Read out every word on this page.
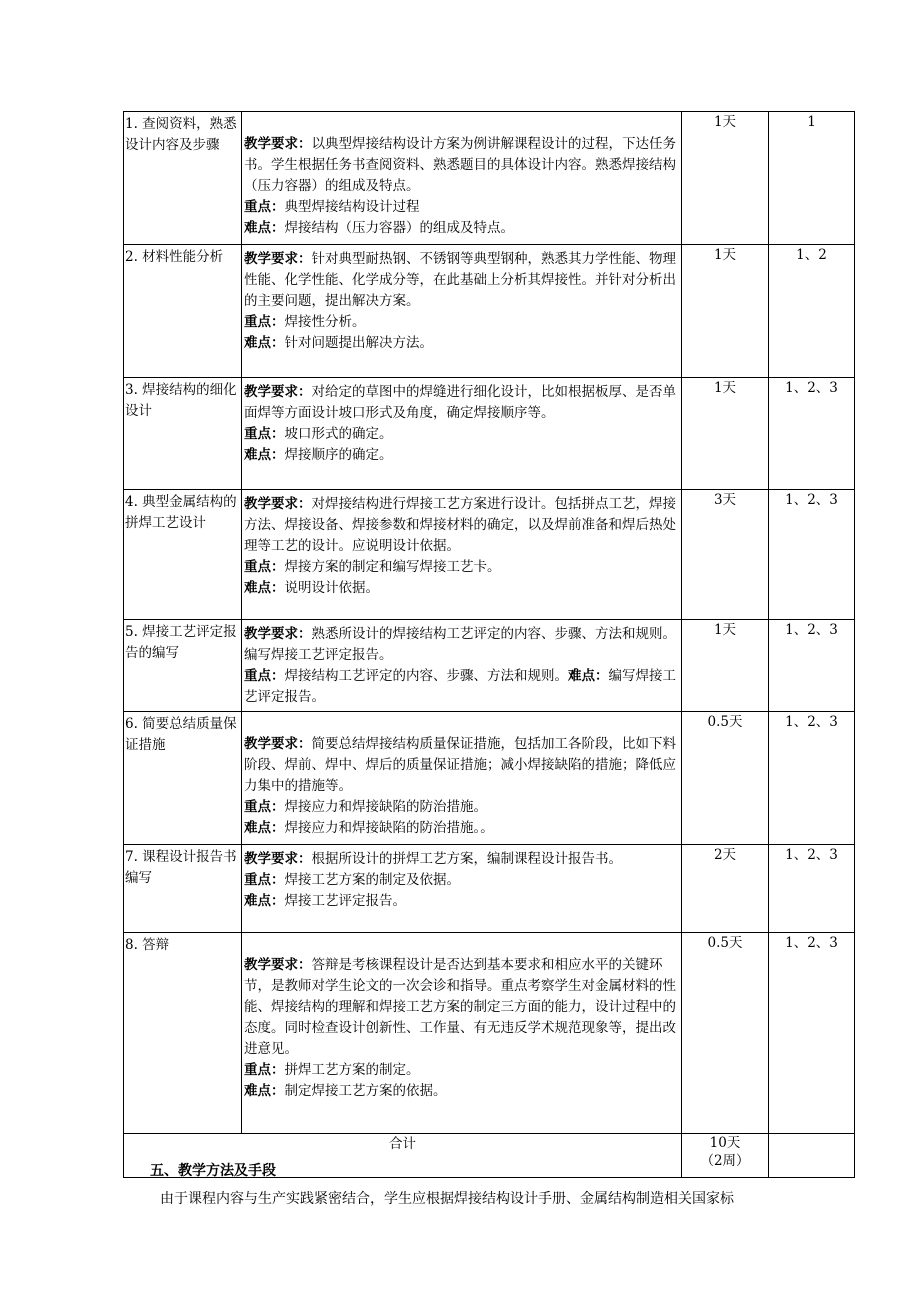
1. 查阅资料，熟悉设计内容及步骤	教学要求：以典型焊接结构设计方案为例讲解课程设计的过程，下达任务书。学生根据任务书查阅资料、熟悉题目的具体设计内容。熟悉焊接结构（压力容器）的组成及特点。

重点：典型焊接结构设计过程

难点：焊接结构（压力容器）的组成及特点。	1天	1

2. 材料性能分析	教学要求：针对典型耐热钢、不锈钢等典型钢种，熟悉其力学性能、物理性能、化学性能、化学成分等，在此基础上分析其焊接性。并针对分析出的主要问题，提出解决方案。

重点：焊接性分析。

难点：针对问题提出解决方法。	1天	1、2

3. 焊接结构的细化设计	教学要求：对给定的草图中的焊缝进行细化设计，比如根据板厚、是否单面焊等方面设计坡口形式及角度，确定焊接顺序等。

重点：坡口形式的确定。

难点：焊接顺序的确定。	1天	1、2、3

4. 典型金属结构的拼焊工艺设计	教学要求：对焊接结构进行焊接工艺方案进行设计。包括拼点工艺，焊接方法、焊接设备、焊接参数和焊接材料的确定，以及焊前准备和焊后热处理等工艺的设计。应说明设计依据。

重点：焊接方案的制定和编写焊接工艺卡。

难点：说明设计依据。	3天	1、2、3

5. 焊接工艺评定报告的编写	教学要求：熟悉所设计的焊接结构工艺评定的内容、步骤、方法和规则。编写焊接工艺评定报告。

重点：焊接结构工艺评定的内容、步骤、方法和规则。难点：编写焊接工艺评定报告。	1天	1、2、3

6. 简要总结质量保证措施	教学要求：简要总结焊接结构质量保证措施，包括加工各阶段，比如下料阶段、焊前、焊中、焊后的质量保证措施；减小焊接缺陷的措施；降低应力集中的措施等。

重点：焊接应力和焊接缺陷的防治措施。

难点：焊接应力和焊接缺陷的防治措施。。	0.5天	1、2、3

7. 课程设计报告书编写	教学要求：根据所设计的拼焊工艺方案，编制课程设计报告书。

重点：焊接工艺方案的制定及依据。

难点：焊接工艺评定报告。	2天	1、2、3

8. 答辩	教学要求：答辩是考核课程设计是否达到基本要求和相应水平的关键环节，是教师对学生论文的一次会诊和指导。重点考察学生对金属材料的性能、焊接结构的理解和焊接工艺方案的制定三方面的能力，设计过程中的态度。同时检查设计创新性、工作量、有无违反学术规范现象等，提出改进意见。

重点：拼焊工艺方案的制定。

难点：制定焊接工艺方案的依据。	0.5天	1、2、3
合计		10天
（2周）	

五、教学方法及手段
由于课程内容与生产实践紧密结合，学生应根据焊接结构设计手册、金属结构制造相关国家标
